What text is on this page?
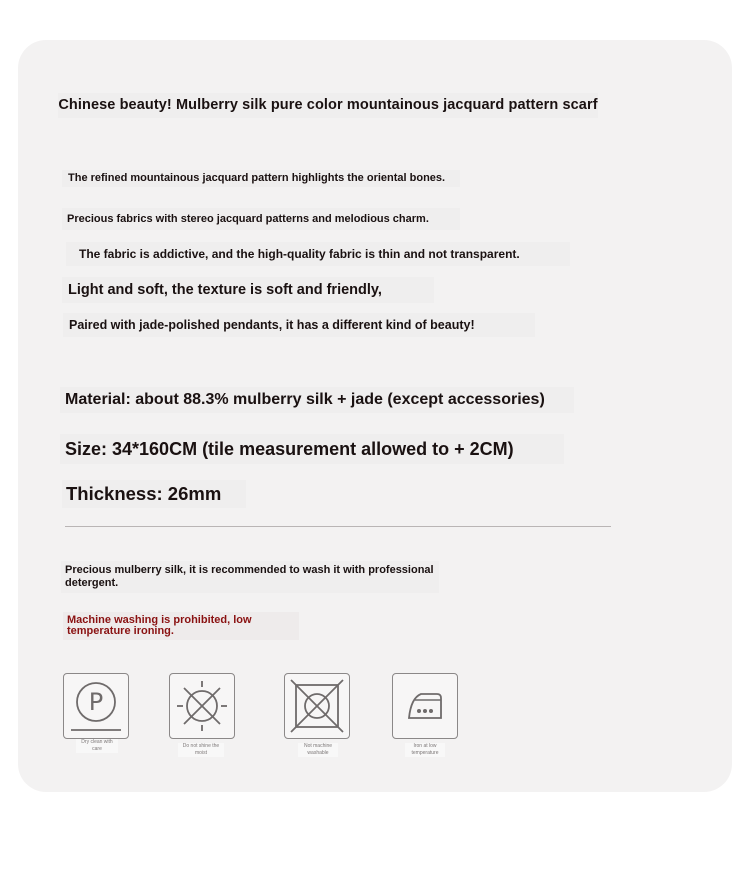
Chinese beauty! Mulberry silk pure color mountainous jacquard pattern scarf

The refined mountainous jacquard pattern highlights the oriental bones.

Precious fabrics with stereo jacquard patterns and melodious charm.

The fabric is addictive, and the high-quality fabric is thin and not transparent.

Light and soft, the texture is soft and friendly,

Paired with jade-polished pendants, it has a different kind of beauty!

Material: about 88.3% mulberry silk + jade (except accessories)

Size: 34*160CM (tile measurement allowed to + 2CM)

Thickness: 26mm

Precious mulberry silk, it is recommended to wash it with professional detergent.

Machine washing is prohibited, low temperature ironing.

P
Dry clean with care	Do not shine the moist
Not machine washable
Iron at low temperature
